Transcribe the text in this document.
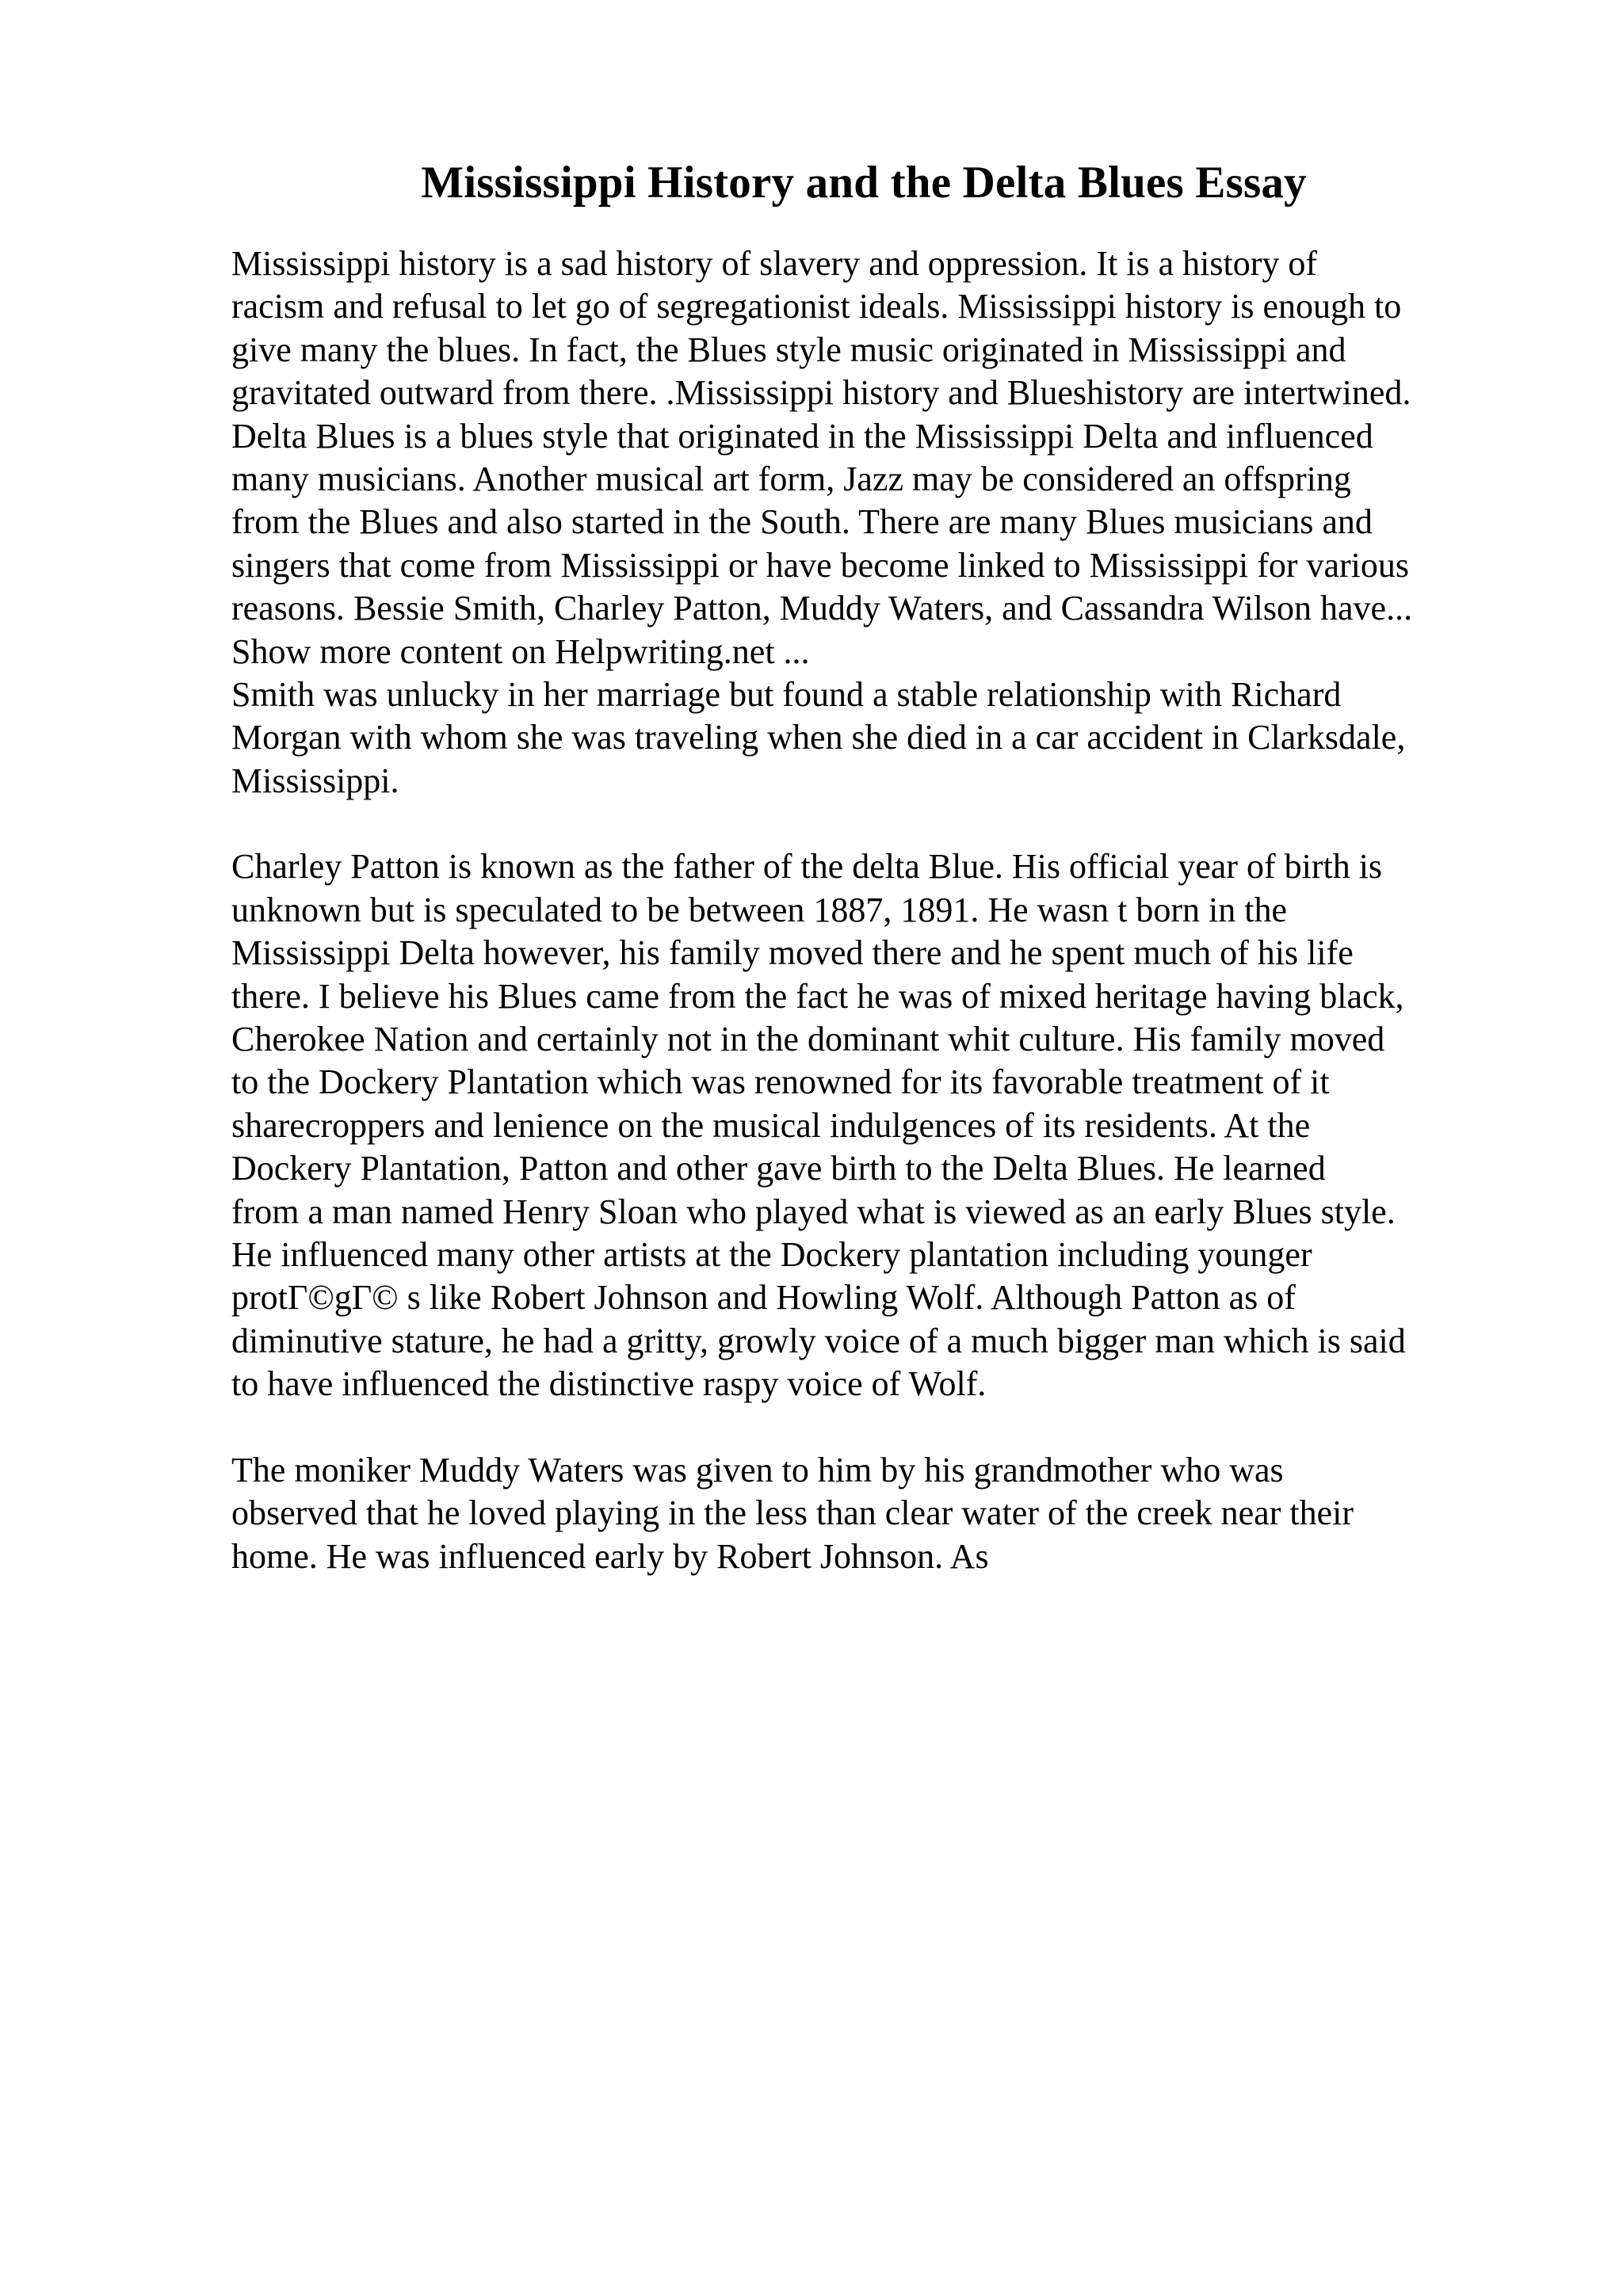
Mississippi History and the Delta Blues Essay
Mississippi history is a sad history of slavery and oppression. It is a history of
racism and refusal to let go of segregationist ideals. Mississippi history is enough to
give many the blues. In fact, the Blues style music originated in Mississippi and
gravitated outward from there. .Mississippi history and Blueshistory are intertwined.
Delta Blues is a blues style that originated in the Mississippi Delta and influenced
many musicians. Another musical art form, Jazz may be considered an offspring
from the Blues and also started in the South. There are many Blues musicians and
singers that come from Mississippi or have become linked to Mississippi for various
reasons. Bessie Smith, Charley Patton, Muddy Waters, and Cassandra Wilson have...
Show more content on Helpwriting.net ...
Smith was unlucky in her marriage but found a stable relationship with Richard
Morgan with whom she was traveling when she died in a car accident in Clarksdale,
Mississippi.
Charley Patton is known as the father of the delta Blue. His official year of birth is
unknown but is speculated to be between 1887, 1891. He wasn t born in the
Mississippi Delta however, his family moved there and he spent much of his life
there. I believe his Blues came from the fact he was of mixed heritage having black,
Cherokee Nation and certainly not in the dominant whit culture. His family moved
to the Dockery Plantation which was renowned for its favorable treatment of it
sharecroppers and lenience on the musical indulgences of its residents. At the
Dockery Plantation, Patton and other gave birth to the Delta Blues. He learned
from a man named Henry Sloan who played what is viewed as an early Blues style.
He influenced many other artists at the Dockery plantation including younger
protΓ©gΓ© s like Robert Johnson and Howling Wolf. Although Patton as of
diminutive stature, he had a gritty, growly voice of a much bigger man which is said
to have influenced the distinctive raspy voice of Wolf.
The moniker Muddy Waters was given to him by his grandmother who was
observed that he loved playing in the less than clear water of the creek near their
home. He was influenced early by Robert Johnson. As
